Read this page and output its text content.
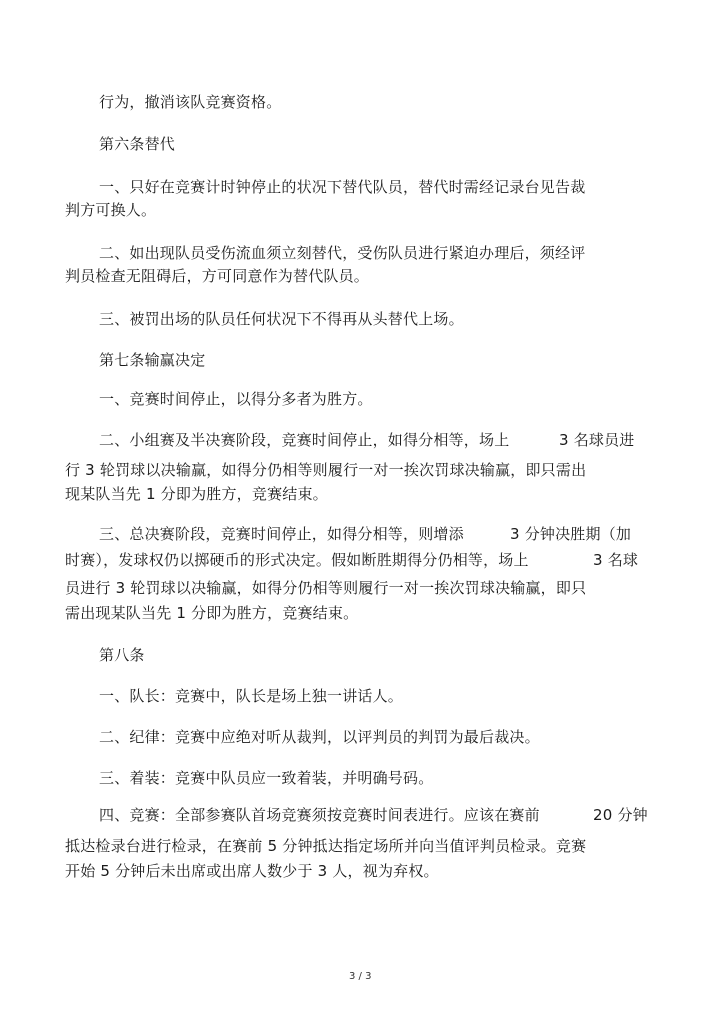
行为，撤消该队竞赛资格。
第六条替代
一、只好在竞赛计时钟停止的状况下替代队员，替代时需经记录台见告裁
判方可换人。
二、如出现队员受伤流血须立刻替代，受伤队员进行紧迫办理后，须经评
判员检查无阻碍后，方可同意作为替代队员。
三、被罚出场的队员任何状况下不得再从头替代上场。
第七条输赢决定
一、竞赛时间停止，以得分多者为胜方。
二、小组赛及半决赛阶段，竞赛时间停止，如得分相等，场上	3 名球员进
行 3 轮罚球以决输赢，如得分仍相等则履行一对一挨次罚球决输赢，即只需出
现某队当先 1 分即为胜方，竞赛结束。
三、总决赛阶段，竞赛时间停止，如得分相等，则增添	3 分钟决胜期（加
时赛），发球权仍以掷硬币的形式决定。假如断胜期得分仍相等，场上	3 名球
员进行 3 轮罚球以决输赢，如得分仍相等则履行一对一挨次罚球决输赢，即只
需出现某队当先 1 分即为胜方，竞赛结束。
第八条
一、队长：竞赛中，队长是场上独一讲话人。
二、纪律：竞赛中应绝对听从裁判，以评判员的判罚为最后裁决。
三、着装：竞赛中队员应一致着装，并明确号码。
四、竞赛：全部参赛队首场竞赛须按竞赛时间表进行。应该在赛前	20 分钟
抵达检录台进行检录，在赛前 5 分钟抵达指定场所并向当值评判员检录。竞赛
开始 5 分钟后未出席或出席人数少于 3 人，视为弃权。
3 / 3
